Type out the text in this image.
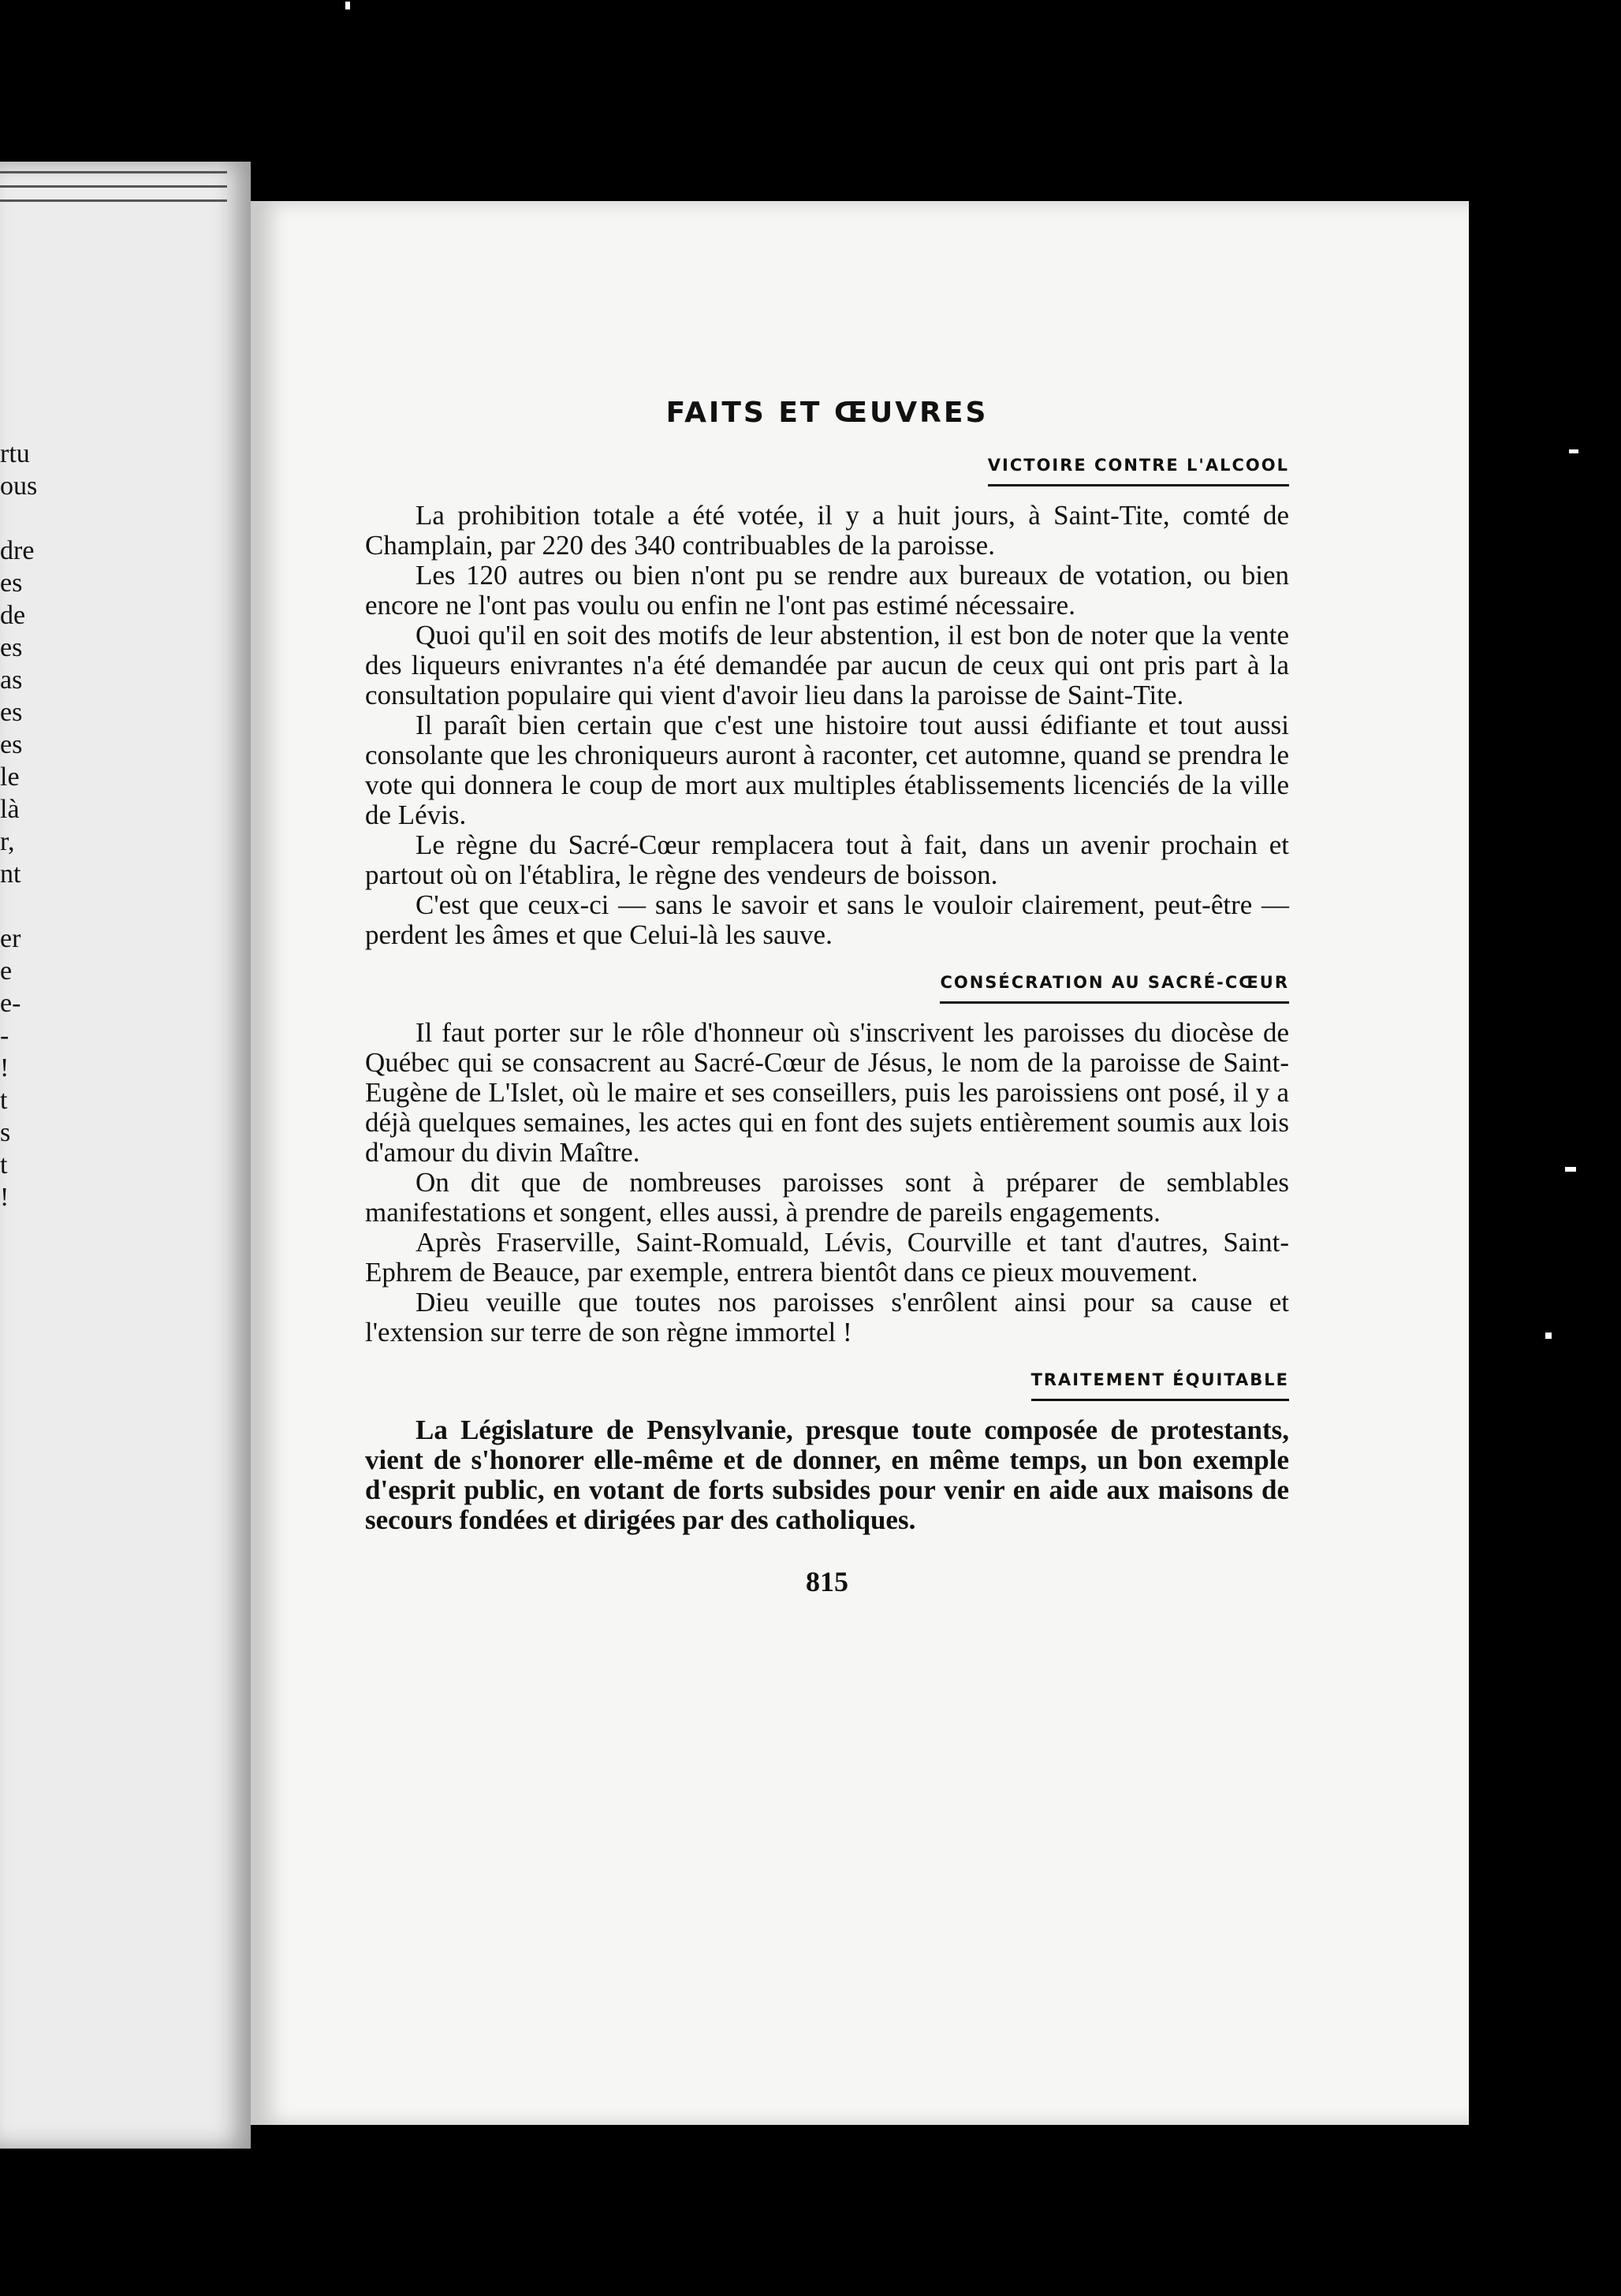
rtu
ous
dre
es
de
es
as
es
es
le
là
r,
nt
er
e
e-
-
!
t
s
t
!
FAITS ET ŒUVRES
VICTOIRE CONTRE L'ALCOOL

La prohibition totale a été votée, il y a huit jours, à Saint-Tite, comté de Champlain, par 220 des 340 contribuables de la paroisse.

Les 120 autres ou bien n'ont pu se rendre aux bureaux de votation, ou bien encore ne l'ont pas voulu ou enfin ne l'ont pas estimé nécessaire.

Quoi qu'il en soit des motifs de leur abstention, il est bon de noter que la vente des liqueurs enivrantes n'a été demandée par aucun de ceux qui ont pris part à la consultation populaire qui vient d'avoir lieu dans la paroisse de Saint-Tite.

Il paraît bien certain que c'est une histoire tout aussi édifiante et tout aussi consolante que les chroniqueurs auront à raconter, cet automne, quand se prendra le vote qui donnera le coup de mort aux multiples établissements licenciés de la ville de Lévis.

Le règne du Sacré-Cœur remplacera tout à fait, dans un avenir prochain et partout où on l'établira, le règne des vendeurs de boisson.

C'est que ceux-ci — sans le savoir et sans le vouloir clairement, peut-être — perdent les âmes et que Celui-là les sauve.

CONSÉCRATION AU SACRÉ-CŒUR

Il faut porter sur le rôle d'honneur où s'inscrivent les paroisses du diocèse de Québec qui se consacrent au Sacré-Cœur de Jésus, le nom de la paroisse de Saint-Eugène de L'Islet, où le maire et ses conseillers, puis les paroissiens ont posé, il y a déjà quelques semaines, les actes qui en font des sujets entièrement soumis aux lois d'amour du divin Maître.

On dit que de nombreuses paroisses sont à préparer de semblables manifestations et songent, elles aussi, à prendre de pareils engagements.

Après Fraserville, Saint-Romuald, Lévis, Courville et tant d'autres, Saint-Ephrem de Beauce, par exemple, entrera bientôt dans ce pieux mouvement.

Dieu veuille que toutes nos paroisses s'enrôlent ainsi pour sa cause et l'extension sur terre de son règne immortel !

TRAITEMENT ÉQUITABLE

La Législature de Pensylvanie, presque toute composée de protestants, vient de s'honorer elle-même et de donner, en même temps, un bon exemple d'esprit public, en votant de forts subsides pour venir en aide aux maisons de secours fondées et dirigées par des catholiques.

815
